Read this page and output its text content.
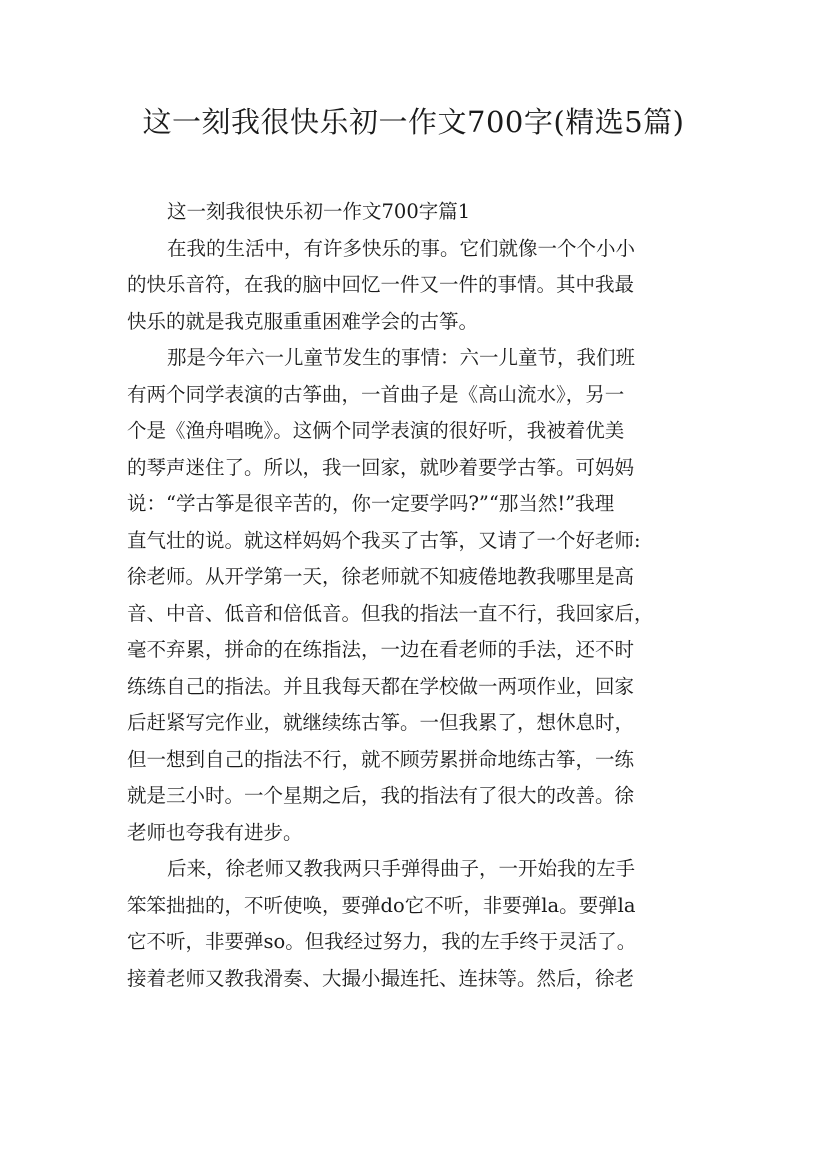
这一刻我很快乐初一作文700字(精选5篇)
这一刻我很快乐初一作文700字篇1
在我的生活中，有许多快乐的事。它们就像一个个小小
的快乐音符，在我的脑中回忆一件又一件的事情。其中我最
快乐的就是我克服重重困难学会的古筝。
那是今年六一儿童节发生的事情：六一儿童节，我们班
有两个同学表演的古筝曲，一首曲子是《高山流水》，另一
个是《渔舟唱晚》。这俩个同学表演的很好听，我被着优美
的琴声迷住了。所以，我一回家，就吵着要学古筝。可妈妈
说：“学古筝是很辛苦的，你一定要学吗?”“那当然!”我理
直气壮的说。就这样妈妈个我买了古筝，又请了一个好老师:
徐老师。从开学第一天，徐老师就不知疲倦地教我哪里是高
音、中音、低音和倍低音。但我的指法一直不行，我回家后，
毫不弃累，拼命的在练指法，一边在看老师的手法，还不时
练练自己的指法。并且我每天都在学校做一两项作业，回家
后赶紧写完作业，就继续练古筝。一但我累了，想休息时，
但一想到自己的指法不行，就不顾劳累拼命地练古筝，一练
就是三小时。一个星期之后，我的指法有了很大的改善。徐
老师也夸我有进步。
后来，徐老师又教我两只手弹得曲子，一开始我的左手
笨笨拙拙的，不听使唤，要弹do它不听，非要弹la。要弹la
它不听，非要弹so。但我经过努力，我的左手终于灵活了。
接着老师又教我滑奏、大撮小撮连托、连抹等。然后，徐老
